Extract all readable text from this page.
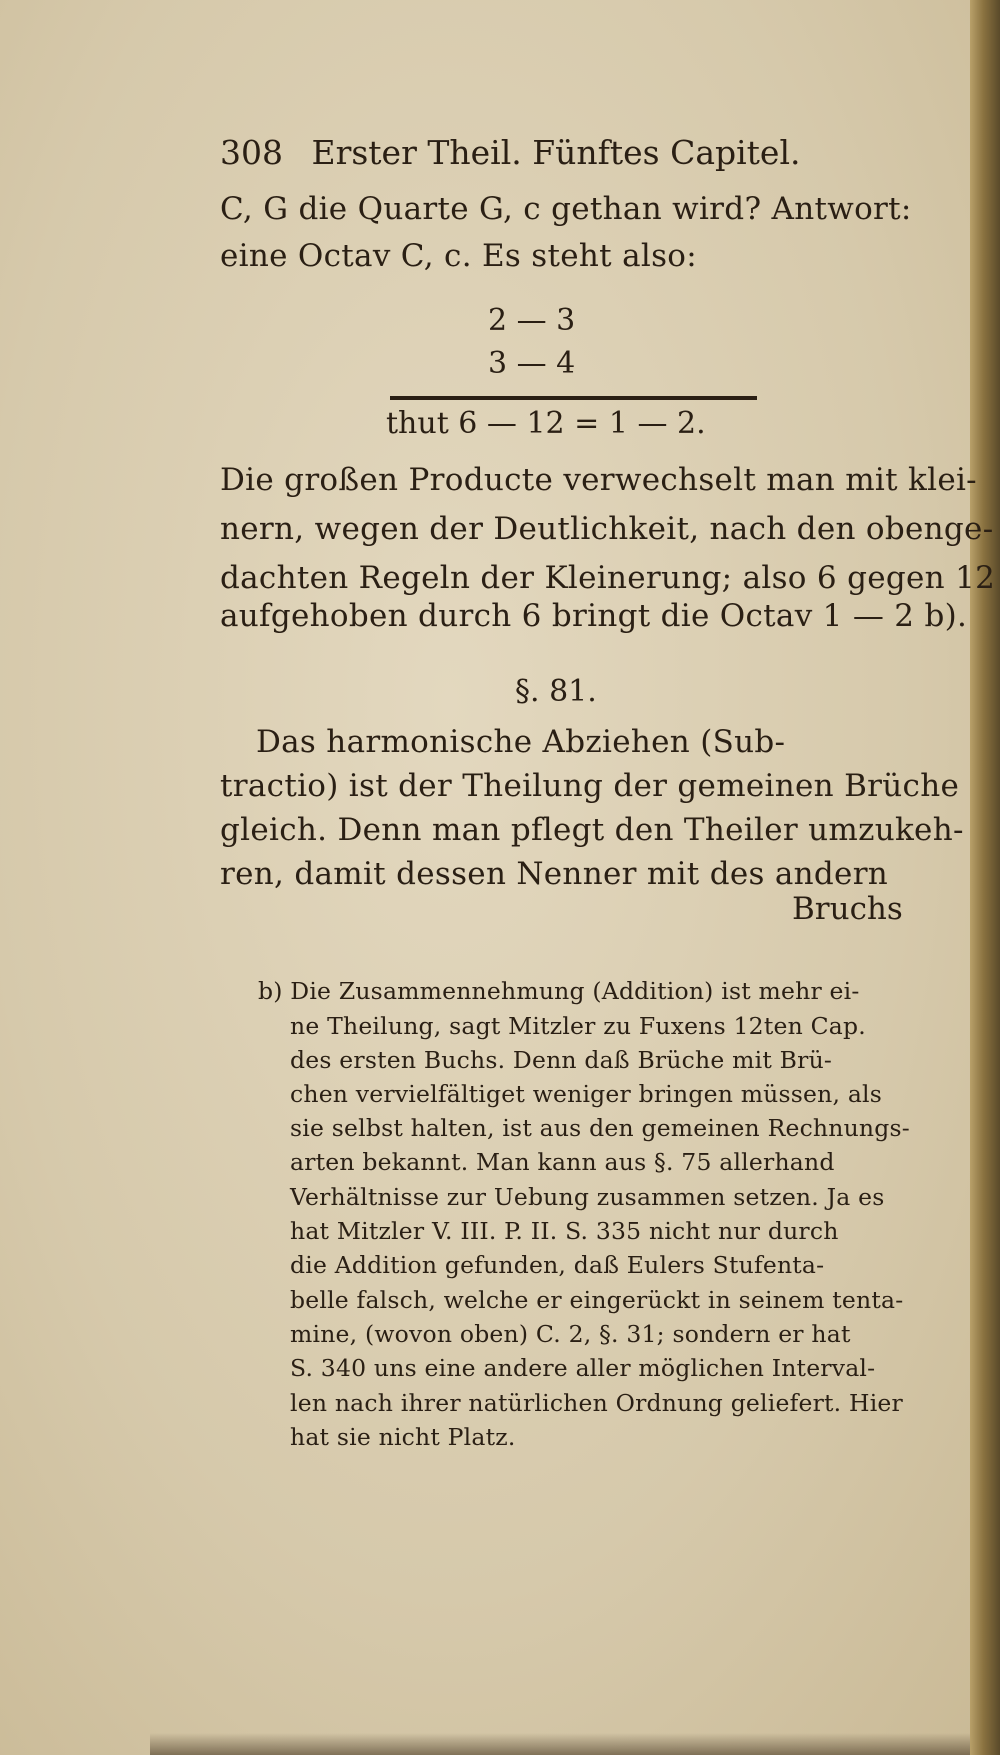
308 Erster Theil. Fünftes Capitel.
C, G die Quarte G, c gethan wird? Antwort:
eine Octav C, c. Es steht also:
2 — 3
3 — 4
thut 6 — 12 = 1 — 2.
Die großen Producte verwechselt man mit klei-
nern, wegen der Deutlichkeit, nach den obenge-
dachten Regeln der Kleinerung; also 6 gegen 12
aufgehoben durch 6 bringt die Octav 1 — 2 b).
§. 81.
Das harmonische Abziehen (Sub-
tractio) ist der Theilung der gemeinen Brüche
gleich. Denn man pflegt den Theiler umzukeh-
ren, damit dessen Nenner mit des andern
Bruchs
b) Die Zusammennehmung (Addition) ist mehr ei-
ne Theilung, sagt Mitzler zu Fuxens 12ten Cap.
des ersten Buchs. Denn daß Brüche mit Brü-
chen vervielfältiget weniger bringen müssen, als
sie selbst halten, ist aus den gemeinen Rechnungs-
arten bekannt. Man kann aus §. 75 allerhand
Verhältnisse zur Uebung zusammen setzen. Ja es
hat Mitzler V. III. P. II. S. 335 nicht nur durch
die Addition gefunden, daß Eulers Stufenta-
belle falsch, welche er eingerückt in seinem tenta-
mine, (wovon oben) C. 2, §. 31; sondern er hat
S. 340 uns eine andere aller möglichen Interval-
len nach ihrer natürlichen Ordnung geliefert. Hier
hat sie nicht Platz.
